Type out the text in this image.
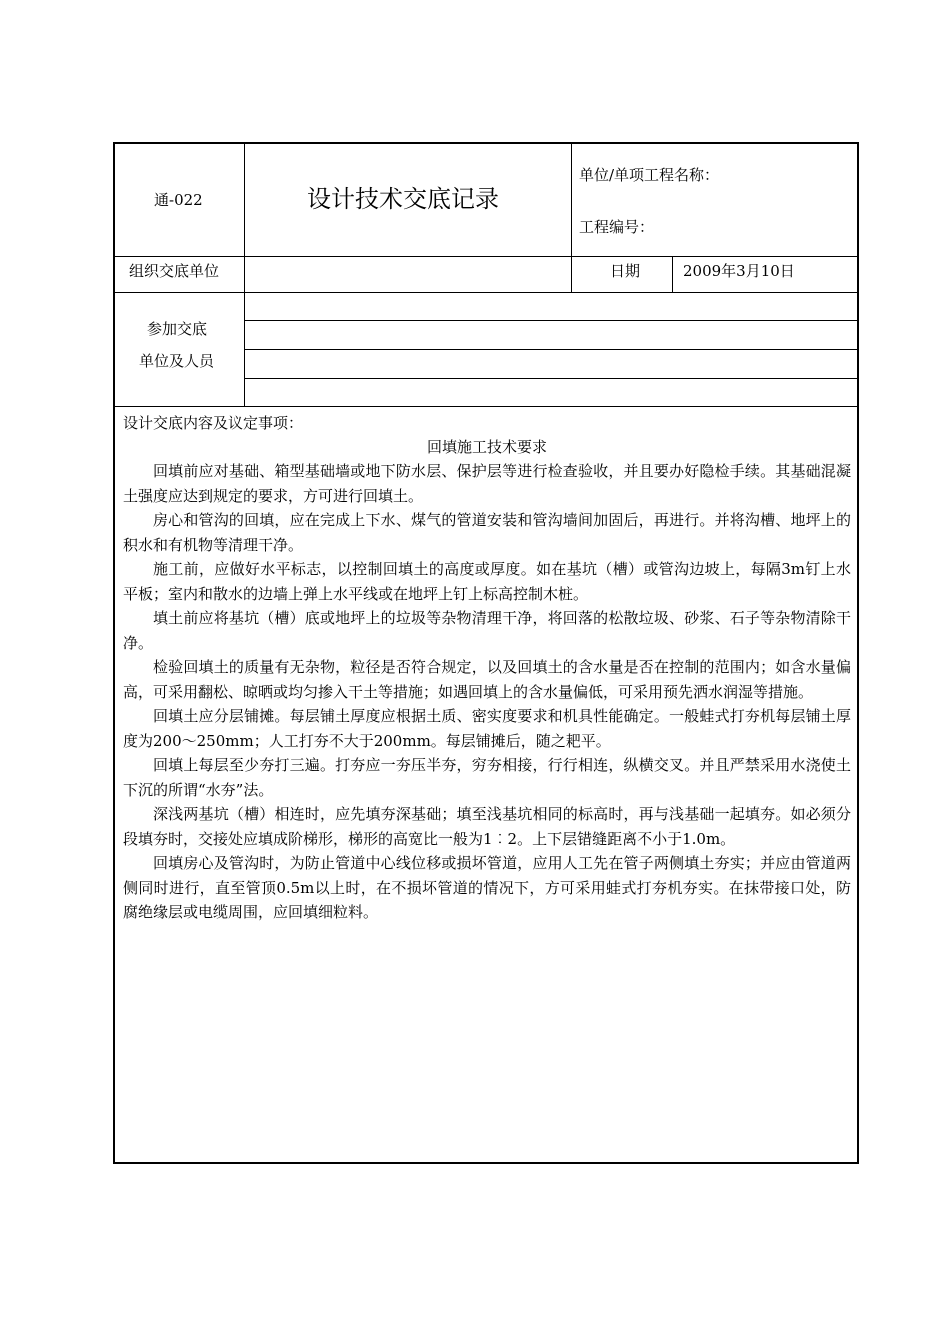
通-022	设计技术交底记录
单位/单项工程名称：
工程编号：
组织交底单位	日期	2009年3月10日
参加交底
单位及人员

设计交底内容及议定事项：

回填施工技术要求

回填前应对基础、箱型基础墙或地下防水层、保护层等进行检查验收，并且要办好隐检手续。其基础混凝土强度应达到规定的要求，方可进行回填土。

房心和管沟的回填，应在完成上下水、煤气的管道安装和管沟墙间加固后，再进行。并将沟槽、地坪上的积水和有机物等清理干净。

施工前，应做好水平标志，以控制回填土的高度或厚度。如在基坑（槽）或管沟边坡上，每隔3m钉上水平板；室内和散水的边墙上弹上水平线或在地坪上钉上标高控制木桩。

填土前应将基坑（槽）底或地坪上的垃圾等杂物清理干净，将回落的松散垃圾、砂浆、石子等杂物清除干净。

检验回填土的质量有无杂物，粒径是否符合规定，以及回填土的含水量是否在控制的范围内；如含水量偏高，可采用翻松、晾晒或均匀掺入干土等措施；如遇回填上的含水量偏低，可采用预先洒水润湿等措施。

回填土应分层铺摊。每层铺土厚度应根据土质、密实度要求和机具性能确定。一般蛙式打夯机每层铺土厚度为200～250mm；人工打夯不大于200mm。每层铺摊后，随之耙平。

回填上每层至少夯打三遍。打夯应一夯压半夯，穷夯相接，行行相连，纵横交叉。并且严禁采用水浇使土下沉的所谓“水夯”法。

深浅两基坑（槽）相连时，应先填夯深基础；填至浅基坑相同的标高时，再与浅基础一起填夯。如必须分段填夯时，交接处应填成阶梯形，梯形的高宽比一般为1︰2。上下层错缝距离不小于1.0m。

回填房心及管沟时，为防止管道中心线位移或损坏管道，应用人工先在管子两侧填土夯实；并应由管道两侧同时进行，直至管顶0.5m以上时，在不损坏管道的情况下，方可采用蛙式打夯机夯实。在抹带接口处，防腐绝缘层或电缆周围，应回填细粒料。
